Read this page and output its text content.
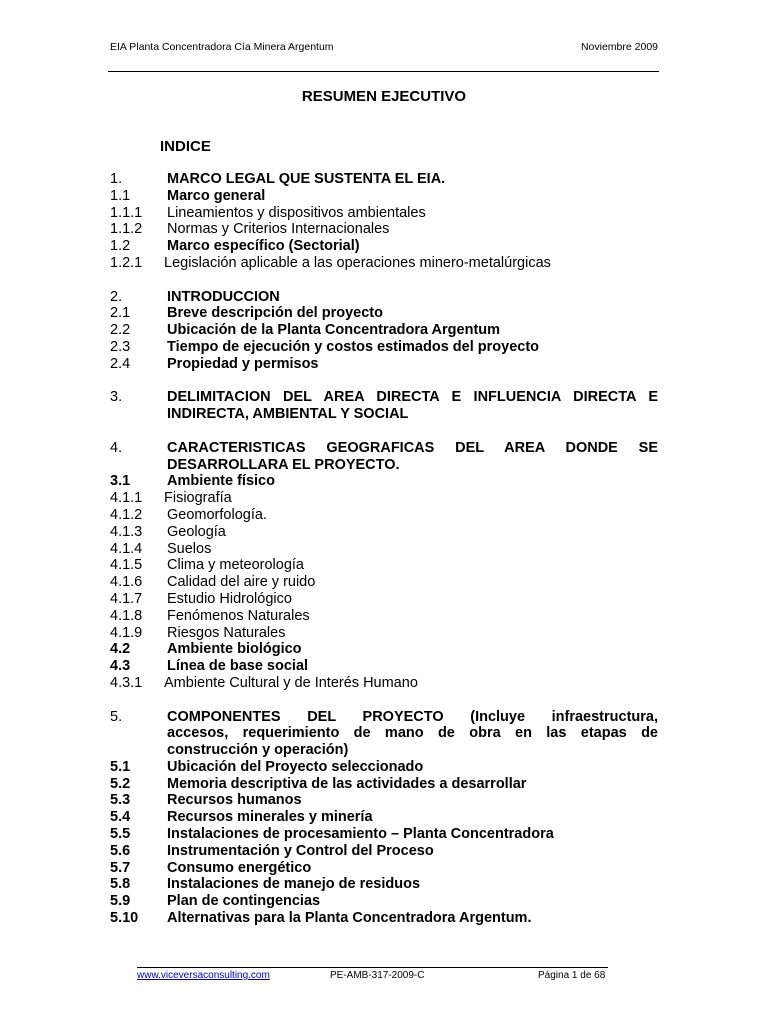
EIA Planta Concentradora Cía Minera Argentum	Noviembre 2009
RESUMEN EJECUTIVO
INDICE
1.	MARCO LEGAL QUE SUSTENTA EL EIA.
1.1	Marco general
1.1.1	Lineamientos y dispositivos ambientales
1.1.2	Normas y Criterios Internacionales
1.2	Marco específico (Sectorial)
1.2.1	Legislación aplicable a las operaciones minero-metalúrgicas
2.	INTRODUCCION
2.1	Breve descripción del proyecto
2.2	Ubicación de la Planta Concentradora Argentum
2.3	Tiempo de ejecución y costos estimados del proyecto
2.4	Propiedad y permisos
3.	DELIMITACION DEL AREA DIRECTA E INFLUENCIA DIRECTA E
INDIRECTA, AMBIENTAL Y SOCIAL
4.	CARACTERISTICAS GEOGRAFICAS DEL AREA DONDE SE
DESARROLLARA EL PROYECTO.
3.1	Ambiente físico
4.1.1	Fisiografía
4.1.2	Geomorfología.
4.1.3	Geología
4.1.4	Suelos
4.1.5	Clima y meteorología
4.1.6	Calidad del aire y ruido
4.1.7	Estudio Hidrológico
4.1.8	Fenómenos Naturales
4.1.9	Riesgos Naturales
4.2	Ambiente biológico
4.3	Línea de base social
4.3.1	Ambiente Cultural y de Interés Humano
5.	COMPONENTES DEL PROYECTO (Incluye infraestructura,
accesos, requerimiento de mano de obra en las etapas de
construcción y operación)
5.1	Ubicación del Proyecto seleccionado
5.2	Memoria descriptiva de las actividades a desarrollar
5.3	Recursos humanos
5.4	Recursos minerales y minería
5.5	Instalaciones de procesamiento – Planta Concentradora
5.6	Instrumentación y Control del Proceso
5.7	Consumo energético
5.8	Instalaciones de manejo de residuos
5.9	Plan de contingencias
5.10	Alternativas para la Planta Concentradora Argentum.
www.viceversaconsulting.com	PE-AMB-317-2009-C	Página 1 de 68
